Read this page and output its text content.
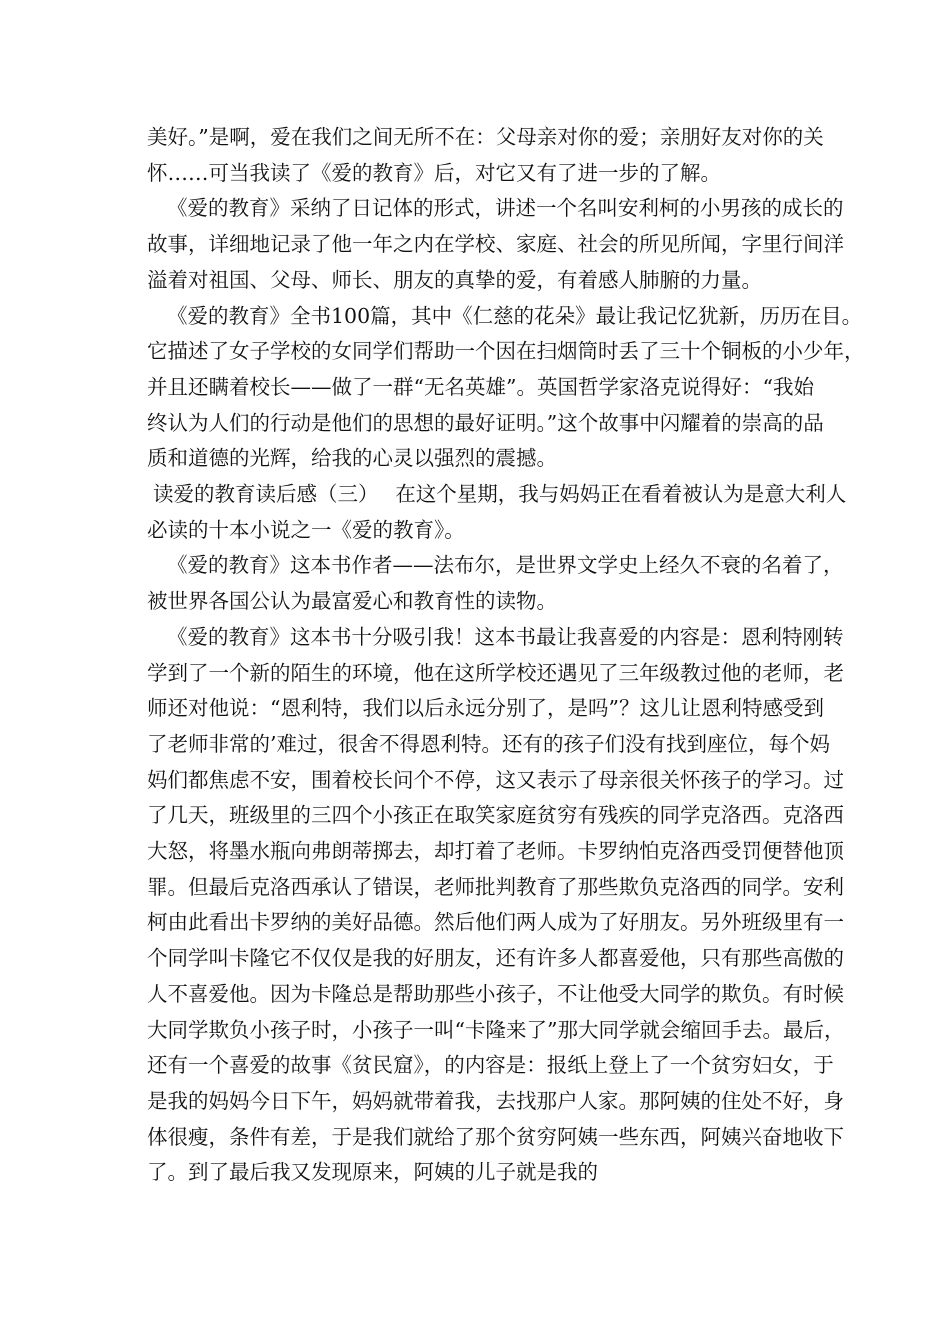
美好。”是啊，爱在我们之间无所不在：父母亲对你的爱；亲朋好友对你的关
怀……可当我读了《爱的教育》后，对它又有了进一步的了解。

《爱的教育》采纳了日记体的形式，讲述一个名叫安利柯的小男孩的成长的
故事，详细地记录了他一年之内在学校、家庭、社会的所见所闻，字里行间洋
溢着对祖国、父母、师长、朋友的真挚的爱，有着感人肺腑的力量。

《爱的教育》全书100篇，其中《仁慈的花朵》最让我记忆犹新，历历在目。
它描述了女子学校的女同学们帮助一个因在扫烟筒时丢了三十个铜板的小少年，
并且还瞒着校长——做了一群“无名英雄”。英国哲学家洛克说得好：“我始
终认为人们的行动是他们的思想的最好证明。”这个故事中闪耀着的崇高的品
质和道德的光辉，给我的心灵以强烈的震撼。

读爱的教育读后感（三）　 在这个星期，我与妈妈正在看着被认为是意大利人
必读的十本小说之一《爱的教育》。

《爱的教育》这本书作者——法布尔，是世界文学史上经久不衰的名着了，
被世界各国公认为最富爱心和教育性的读物。

《爱的教育》这本书十分吸引我！这本书最让我喜爱的内容是：恩利特刚转
学到了一个新的陌生的环境，他在这所学校还遇见了三年级教过他的老师，老
师还对他说：“恩利特，我们以后永远分别了，是吗”？这儿让恩利特感受到
了老师非常的’难过，很舍不得恩利特。还有的孩子们没有找到座位，每个妈
妈们都焦虑不安，围着校长问个不停，这又表示了母亲很关怀孩子的学习。过
了几天，班级里的三四个小孩正在取笑家庭贫穷有残疾的同学克洛西。克洛西
大怒，将墨水瓶向弗朗蒂掷去，却打着了老师。卡罗纳怕克洛西受罚便替他顶
罪。但最后克洛西承认了错误，老师批判教育了那些欺负克洛西的同学。安利
柯由此看出卡罗纳的美好品德。然后他们两人成为了好朋友。另外班级里有一
个同学叫卡隆它不仅仅是我的好朋友，还有许多人都喜爱他，只有那些高傲的
人不喜爱他。因为卡隆总是帮助那些小孩子，不让他受大同学的欺负。有时候
大同学欺负小孩子时，小孩子一叫“卡隆来了”那大同学就会缩回手去。最后，
还有一个喜爱的故事《贫民窟》，的内容是：报纸上登上了一个贫穷妇女，于
是我的妈妈今日下午，妈妈就带着我，去找那户人家。那阿姨的住处不好，身
体很瘦，条件有差，于是我们就给了那个贫穷阿姨一些东西，阿姨兴奋地收下
了。到了最后我又发现原来，阿姨的儿子就是我的
